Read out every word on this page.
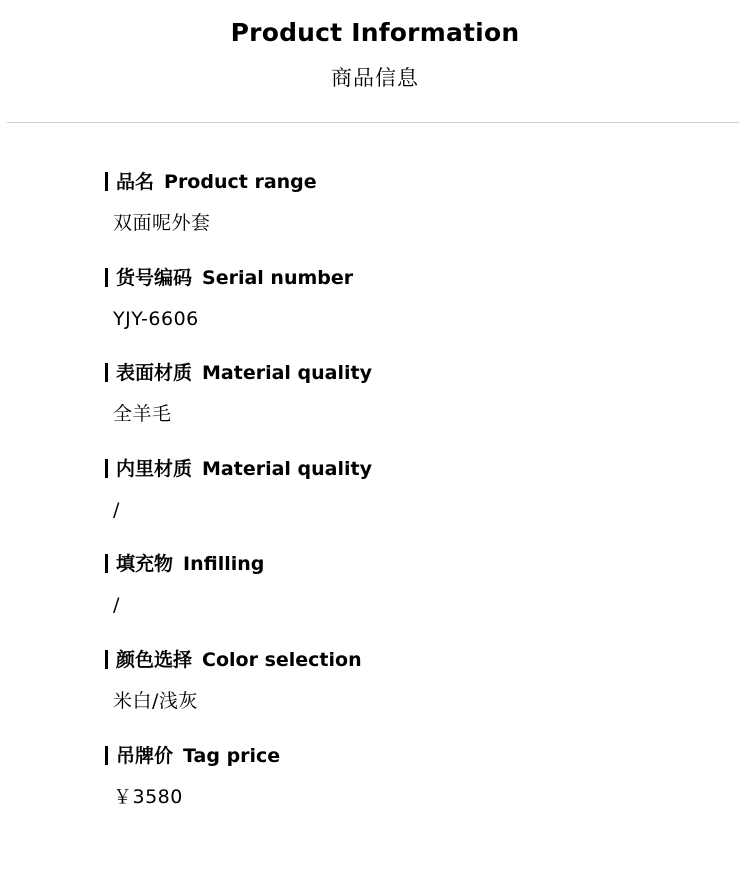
Product Information
商品信息
品名 Product range
双面呢外套
货号编码 Serial number
YJY-6606
表面材质 Material quality
全羊毛
内里材质 Material quality
/
填充物 Infilling
/
颜色选择 Color selection
米白/浅灰
吊牌价 Tag price
￥3580
